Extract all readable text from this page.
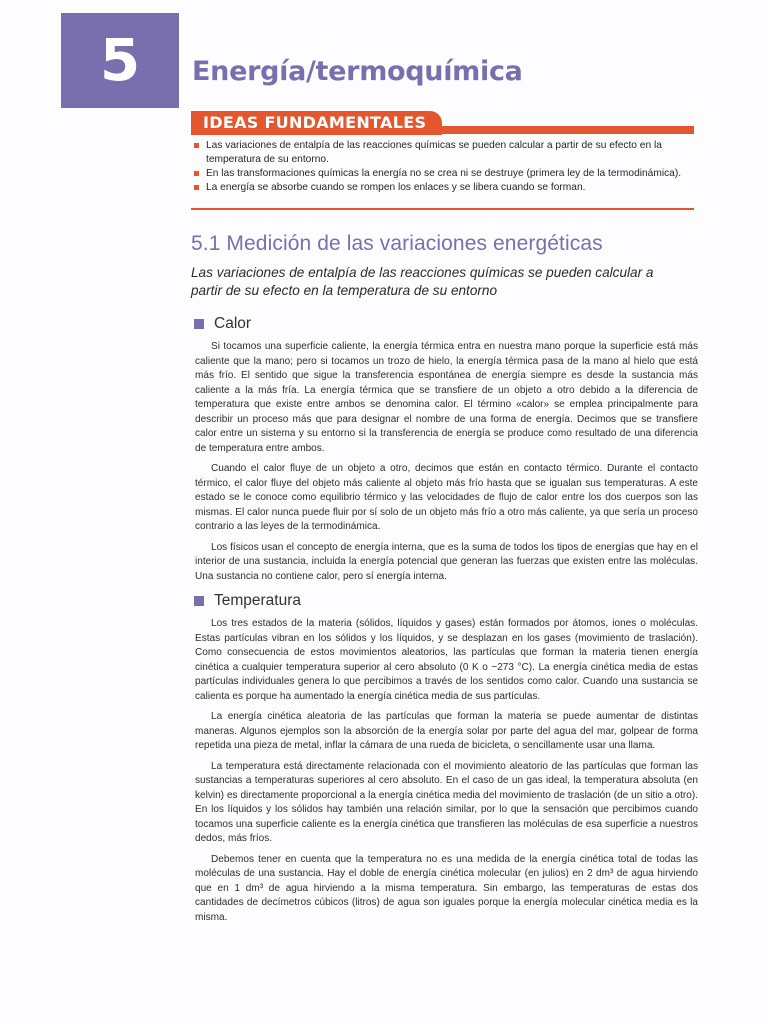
5	Energía/termoquímica
IDEAS FUNDAMENTALES
Las variaciones de entalpía de las reacciones químicas se pueden calcular a partir de su efecto en la temperatura de su entorno.
En las transformaciones químicas la energía no se crea ni se destruye (primera ley de la termodinámica).
La energía se absorbe cuando se rompen los enlaces y se libera cuando se forman.
5.1 Medición de las variaciones energéticas
Las variaciones de entalpía de las reacciones químicas se pueden calcular a partir de su efecto en la temperatura de su entorno
Calor

Si tocamos una superficie caliente, la energía térmica entra en nuestra mano porque la superficie está más caliente que la mano; pero si tocamos un trozo de hielo, la energía térmica pasa de la mano al hielo que está más frío. El sentido que sigue la transferencia espontánea de energía siempre es desde la sustancia más caliente a la más fría. La energía térmica que se transfiere de un objeto a otro debido a la diferencia de temperatura que existe entre ambos se denomina calor. El término «calor» se emplea principalmente para describir un proceso más que para designar el nombre de una forma de energía. Decimos que se transfiere calor entre un sistema y su entorno si la transferencia de energía se produce como resultado de una diferencia de temperatura entre ambos.

Cuando el calor fluye de un objeto a otro, decimos que están en contacto térmico. Durante el contacto térmico, el calor fluye del objeto más caliente al objeto más frío hasta que se igualan sus temperaturas. A este estado se le conoce como equilibrio térmico y las velocidades de flujo de calor entre los dos cuerpos son las mismas. El calor nunca puede fluir por sí solo de un objeto más frío a otro más caliente, ya que sería un proceso contrario a las leyes de la termodinámica.

Los físicos usan el concepto de energía interna, que es la suma de todos los tipos de energías que hay en el interior de una sustancia, incluida la energía potencial que generan las fuerzas que existen entre las moléculas. Una sustancia no contiene calor, pero sí energía interna.

Temperatura

Los tres estados de la materia (sólidos, líquidos y gases) están formados por átomos, iones o moléculas. Estas partículas vibran en los sólidos y los líquidos, y se desplazan en los gases (movimiento de traslación). Como consecuencia de estos movimientos aleatorios, las partículas que forman la materia tienen energía cinética a cualquier temperatura superior al cero absoluto (0 K o −273 °C). La energía cinética media de estas partículas individuales genera lo que percibimos a través de los sentidos como calor. Cuando una sustancia se calienta es porque ha aumentado la energía cinética media de sus partículas.

La energía cinética aleatoria de las partículas que forman la materia se puede aumentar de distintas maneras. Algunos ejemplos son la absorción de la energía solar por parte del agua del mar, golpear de forma repetida una pieza de metal, inflar la cámara de una rueda de bicicleta, o sencillamente usar una llama.

La temperatura está directamente relacionada con el movimiento aleatorio de las partículas que forman las sustancias a temperaturas superiores al cero absoluto. En el caso de un gas ideal, la temperatura absoluta (en kelvin) es directamente proporcional a la energía cinética media del movimiento de traslación (de un sitio a otro). En los líquidos y los sólidos hay también una relación similar, por lo que la sensación que percibimos cuando tocamos una superficie caliente es la energía cinética que transfieren las moléculas de esa superficie a nuestros dedos, más fríos.

Debemos tener en cuenta que la temperatura no es una medida de la energía cinética total de todas las moléculas de una sustancia. Hay el doble de energía cinética molecular (en julios) en 2 dm³ de agua hirviendo que en 1 dm³ de agua hirviendo a la misma temperatura. Sin embargo, las temperaturas de estas dos cantidades de decímetros cúbicos (litros) de agua son iguales porque la energía molecular cinética media es la misma.
